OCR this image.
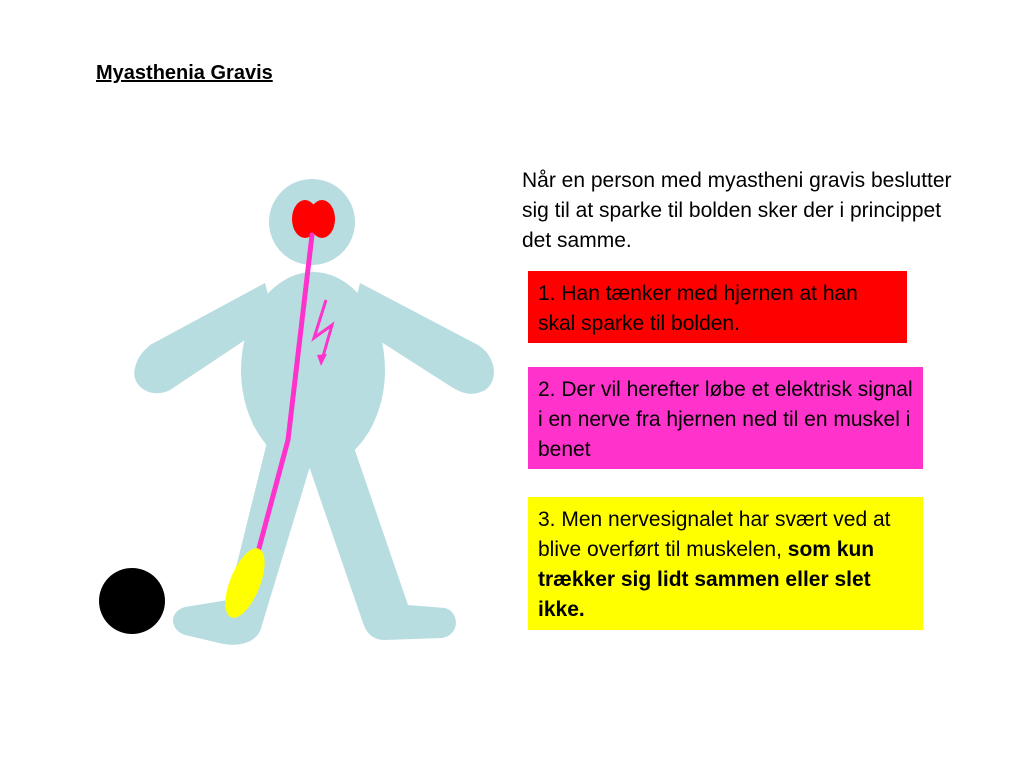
Myasthenia Gravis
Når en person med myastheni gravis beslutter sig til at sparke til bolden sker der i princippet det samme.
1. Han tænker med hjernen at han skal sparke til bolden.
2. Der vil herefter løbe et elektrisk signal i en nerve fra hjernen ned til en muskel i benet
3. Men nervesignalet har svært ved at blive overført til muskelen, som kun trækker sig lidt sammen eller slet ikke.
